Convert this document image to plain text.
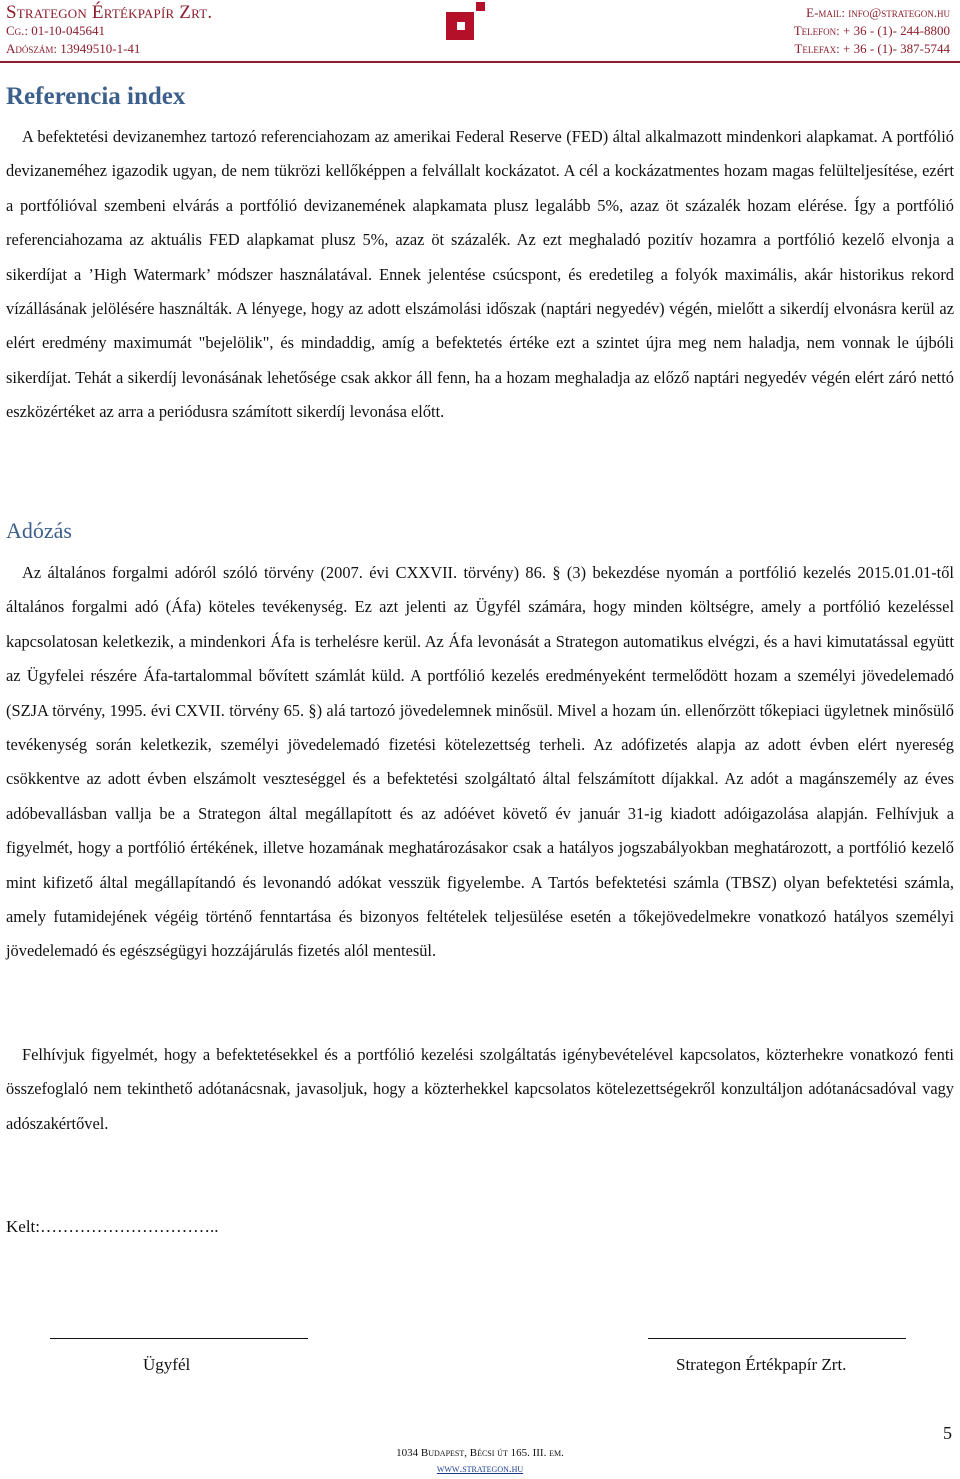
Strategon Értékpapír Zrt.
Cg.: 01-10-045641
Adószám: 13949510-1-41
E-mail: info@strategon.hu
Telefon: + 36 - (1)- 244-8800
Telefax: + 36 - (1)- 387-5744
Referencia index

A befektetési devizanemhez tartozó referenciahozam az amerikai Federal Reserve (FED) által alkalmazott mindenkori alapkamat. A portfólió devizaneméhez igazodik ugyan, de nem tükrözi kellőképpen a felvállalt kockázatot. A cél a kockázatmentes hozam magas felülteljesítése, ezért a portfólióval szembeni elvárás a portfólió devizanemének alapkamata plusz legalább 5%, azaz öt százalék hozam elérése. Így a portfólió referenciahozama az aktuális FED alapkamat plusz 5%, azaz öt százalék. Az ezt meghaladó pozitív hozamra a portfólió kezelő elvonja a sikerdíjat a ’High Watermark’ módszer használatával. Ennek jelentése csúcspont, és eredetileg a folyók maximális, akár historikus rekord vízállásának jelölésére használták. A lényege, hogy az adott elszámolási időszak (naptári negyedév) végén, mielőtt a sikerdíj elvonásra kerül az elért eredmény maximumát "bejelölik", és mindaddig, amíg a befektetés értéke ezt a szintet újra meg nem haladja, nem vonnak le újbóli sikerdíjat. Tehát a sikerdíj levonásának lehetősége csak akkor áll fenn, ha a hozam meghaladja az előző naptári negyedév végén elért záró nettó eszközértéket az arra a periódusra számított sikerdíj levonása előtt.

Adózás

Az általános forgalmi adóról szóló törvény (2007. évi CXXVII. törvény) 86. § (3) bekezdése nyomán a portfólió kezelés 2015.01.01-től általános forgalmi adó (Áfa) köteles tevékenység. Ez azt jelenti az Ügyfél számára, hogy minden költségre, amely a portfólió kezeléssel kapcsolatosan keletkezik, a mindenkori Áfa is terhelésre kerül. Az Áfa levonását a Strategon automatikus elvégzi, és a havi kimutatással együtt az Ügyfelei részére Áfa-tartalommal bővített számlát küld. A portfólió kezelés eredményeként termelődött hozam a személyi jövedelemadó (SZJA törvény, 1995. évi CXVII. törvény 65. §) alá tartozó jövedelemnek minősül. Mivel a hozam ún. ellenőrzött tőkepiaci ügyletnek minősülő tevékenység során keletkezik, személyi jövedelemadó fizetési kötelezettség terheli. Az adófizetés alapja az adott évben elért nyereség csökkentve az adott évben elszámolt veszteséggel és a befektetési szolgáltató által felszámított díjakkal. Az adót a magánszemély az éves adóbevallásban vallja be a Strategon által megállapított és az adóévet követő év január 31-ig kiadott adóigazolása alapján. Felhívjuk a figyelmét, hogy a portfólió értékének, illetve hozamának meghatározásakor csak a hatályos jogszabályokban meghatározott, a portfólió kezelő mint kifizető által megállapítandó és levonandó adókat vesszük figyelembe. A Tartós befektetési számla (TBSZ) olyan befektetési számla, amely futamidejének végéig történő fenntartása és bizonyos feltételek teljesülése esetén a tőkejövedelmekre vonatkozó hatályos személyi jövedelemadó és egészségügyi hozzájárulás fizetés alól mentesül.

Felhívjuk figyelmét, hogy a befektetésekkel és a portfólió kezelési szolgáltatás igénybevételével kapcsolatos, közterhekre vonatkozó fenti összefoglaló nem tekinthető adótanácsnak, javasoljuk, hogy a közterhekkel kapcsolatos kötelezettségekről konzultáljon adótanácsadóval vagy adószakértővel.

Kelt:…………………………..
Ügyfél	Strategon Értékpapír Zrt.
5
1034 Budapest, Bécsi út 165. III. em.
www.strategon.hu
